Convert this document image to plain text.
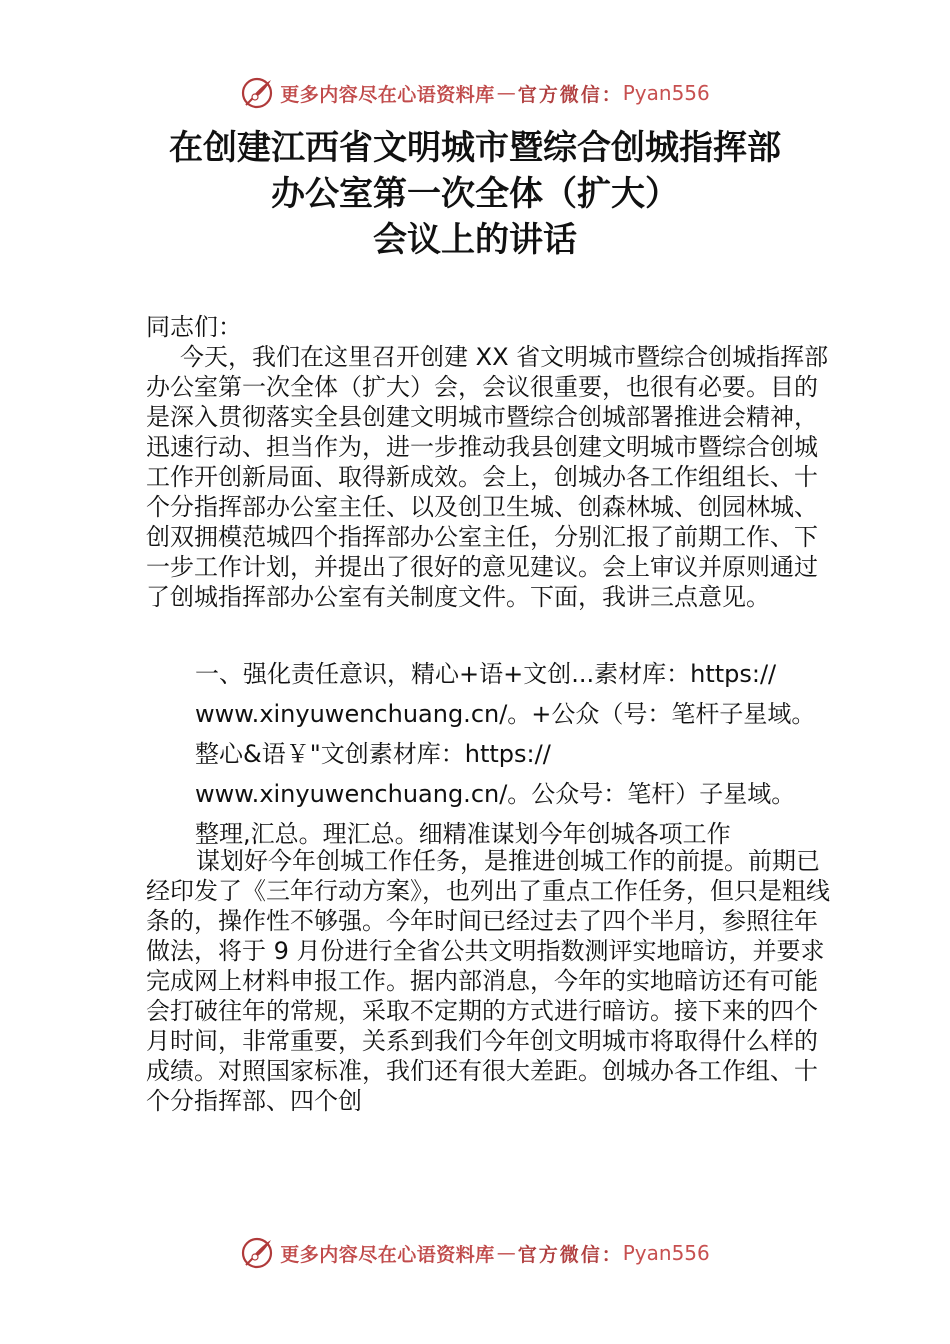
更多内容尽在心语资料库 — 官方微信： Pyan556
在创建江西省文明城市暨综合创城指挥部
办公室第一次全体（扩大）
会议上的讲话
同志们：
今天，我们在这里召开创建 XX 省文明城市暨综合创城指挥部办公室第一次全体（扩大）会，会议很重要，也很有必要。目的是深入贯彻落实全县创建文明城市暨综合创城部署推进会精神，迅速行动、担当作为，进一步推动我县创建文明城市暨综合创城工作开创新局面、取得新成效。会上，创城办各工作组组长、十个分指挥部办公室主任、以及创卫生城、创森林城、创园林城、创双拥模范城四个指挥部办公室主任，分别汇报了前期工作、下一步工作计划，并提出了很好的意见建议。会上审议并原则通过了创城指挥部办公室有关制度文件。下面，我讲三点意见。
一、强化责任意识，精心+语+文创...素材库：https://
www.xinyuwenchuang.cn/。+公众（号：笔杆子星域。
整心&语￥"文创素材库：https://
www.xinyuwenchuang.cn/。公众号：笔杆）子星域。
整理,汇总。理汇总。细精准谋划今年创城各项工作
谋划好今年创城工作任务，是推进创城工作的前提。前期已经印发了《三年行动方案》，也列出了重点工作任务，但只是粗线条的，操作性不够强。今年时间已经过去了四个半月，参照往年做法，将于 9 月份进行全省公共文明指数测评实地暗访，并要求完成网上材料申报工作。据内部消息，今年的实地暗访还有可能会打破往年的常规，采取不定期的方式进行暗访。接下来的四个月时间，非常重要，关系到我们今年创文明城市将取得什么样的成绩。对照国家标准，我们还有很大差距。创城办各工作组、十个分指挥部、四个创
更多内容尽在心语资料库 — 官方微信： Pyan556
